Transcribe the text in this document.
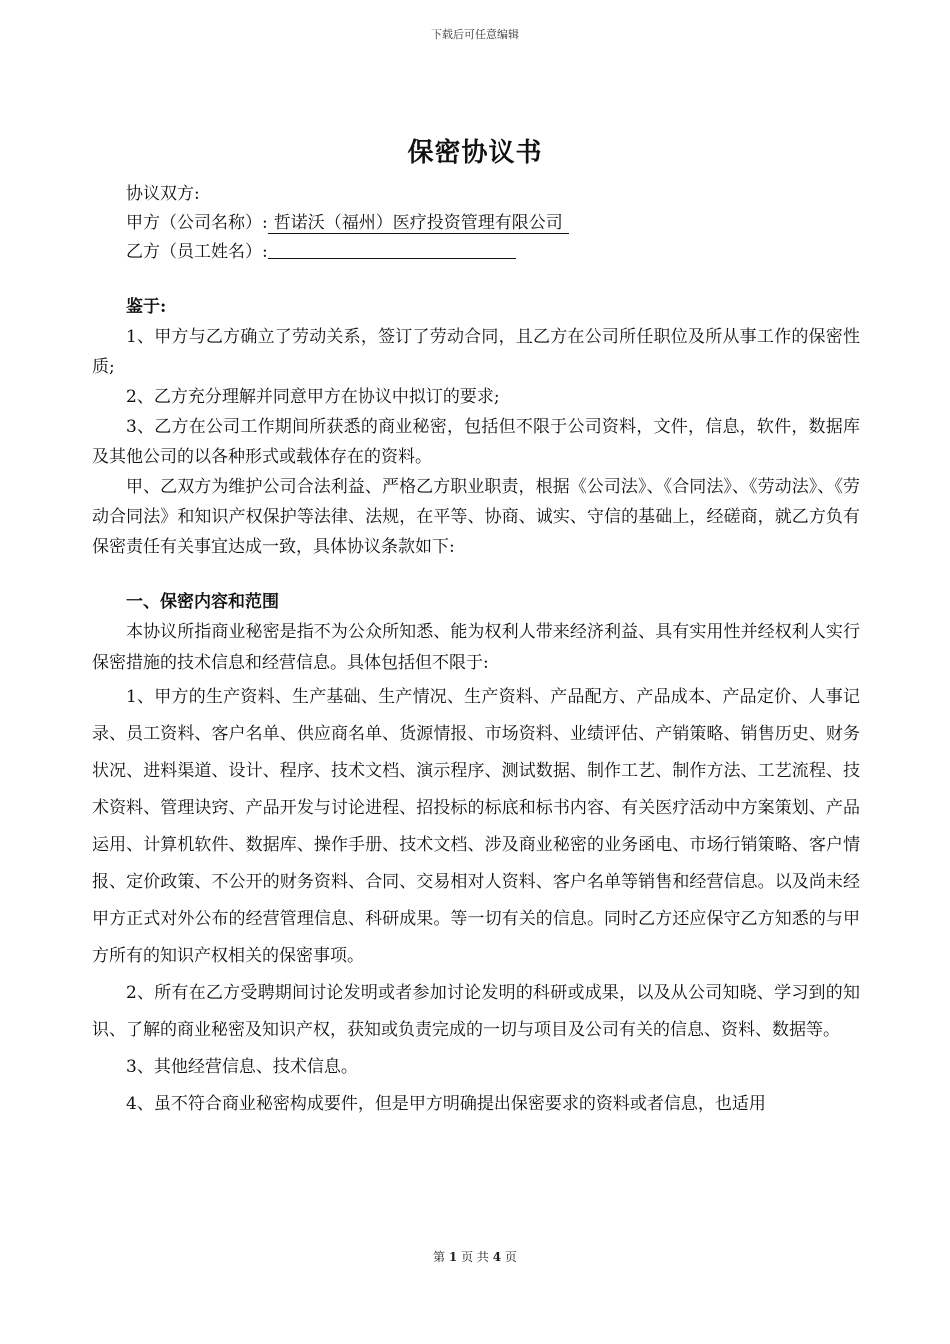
下载后可任意编辑
保密协议书
协议双方:
甲方（公司名称）: 哲诺沃（福州）医疗投资管理有限公司
乙方（员工姓名）:
鉴于:
1、甲方与乙方确立了劳动关系，签订了劳动合同，且乙方在公司所任职位及所从事工作的保密性质;
2、乙方充分理解并同意甲方在协议中拟订的要求;
3、乙方在公司工作期间所获悉的商业秘密，包括但不限于公司资料，文件，信息，软件，数据库及其他公司的以各种形式或载体存在的资料。
甲、乙双方为维护公司合法利益、严格乙方职业职责，根据《公司法》、《合同法》、《劳动法》、《劳动合同法》和知识产权保护等法律、法规，在平等、协商、诚实、守信的基础上，经磋商，就乙方负有保密责任有关事宜达成一致，具体协议条款如下:
一、保密内容和范围
本协议所指商业秘密是指不为公众所知悉、能为权利人带来经济利益、具有实用性并经权利人实行保密措施的技术信息和经营信息。具体包括但不限于:
1、甲方的生产资料、生产基础、生产情况、生产资料、产品配方、产品成本、产品定价、人事记录、员工资料、客户名单、供应商名单、货源情报、市场资料、业绩评估、产销策略、销售历史、财务状况、进料渠道、设计、程序、技术文档、演示程序、测试数据、制作工艺、制作方法、工艺流程、技术资料、管理诀窍、产品开发与讨论进程、招投标的标底和标书内容、有关医疗活动中方案策划、产品运用、计算机软件、数据库、操作手册、技术文档、涉及商业秘密的业务函电、市场行销策略、客户情报、定价政策、不公开的财务资料、合同、交易相对人资料、客户名单等销售和经营信息。以及尚未经甲方正式对外公布的经营管理信息、科研成果。等一切有关的信息。同时乙方还应保守乙方知悉的与甲方所有的知识产权相关的保密事项。
2、所有在乙方受聘期间讨论发明或者参加讨论发明的科研或成果，以及从公司知晓、学习到的知识、了解的商业秘密及知识产权，获知或负责完成的一切与项目及公司有关的信息、资料、数据等。
3、其他经营信息、技术信息。
4、虽不符合商业秘密构成要件，但是甲方明确提出保密要求的资料或者信息，也适用
第 1 页 共 4 页
